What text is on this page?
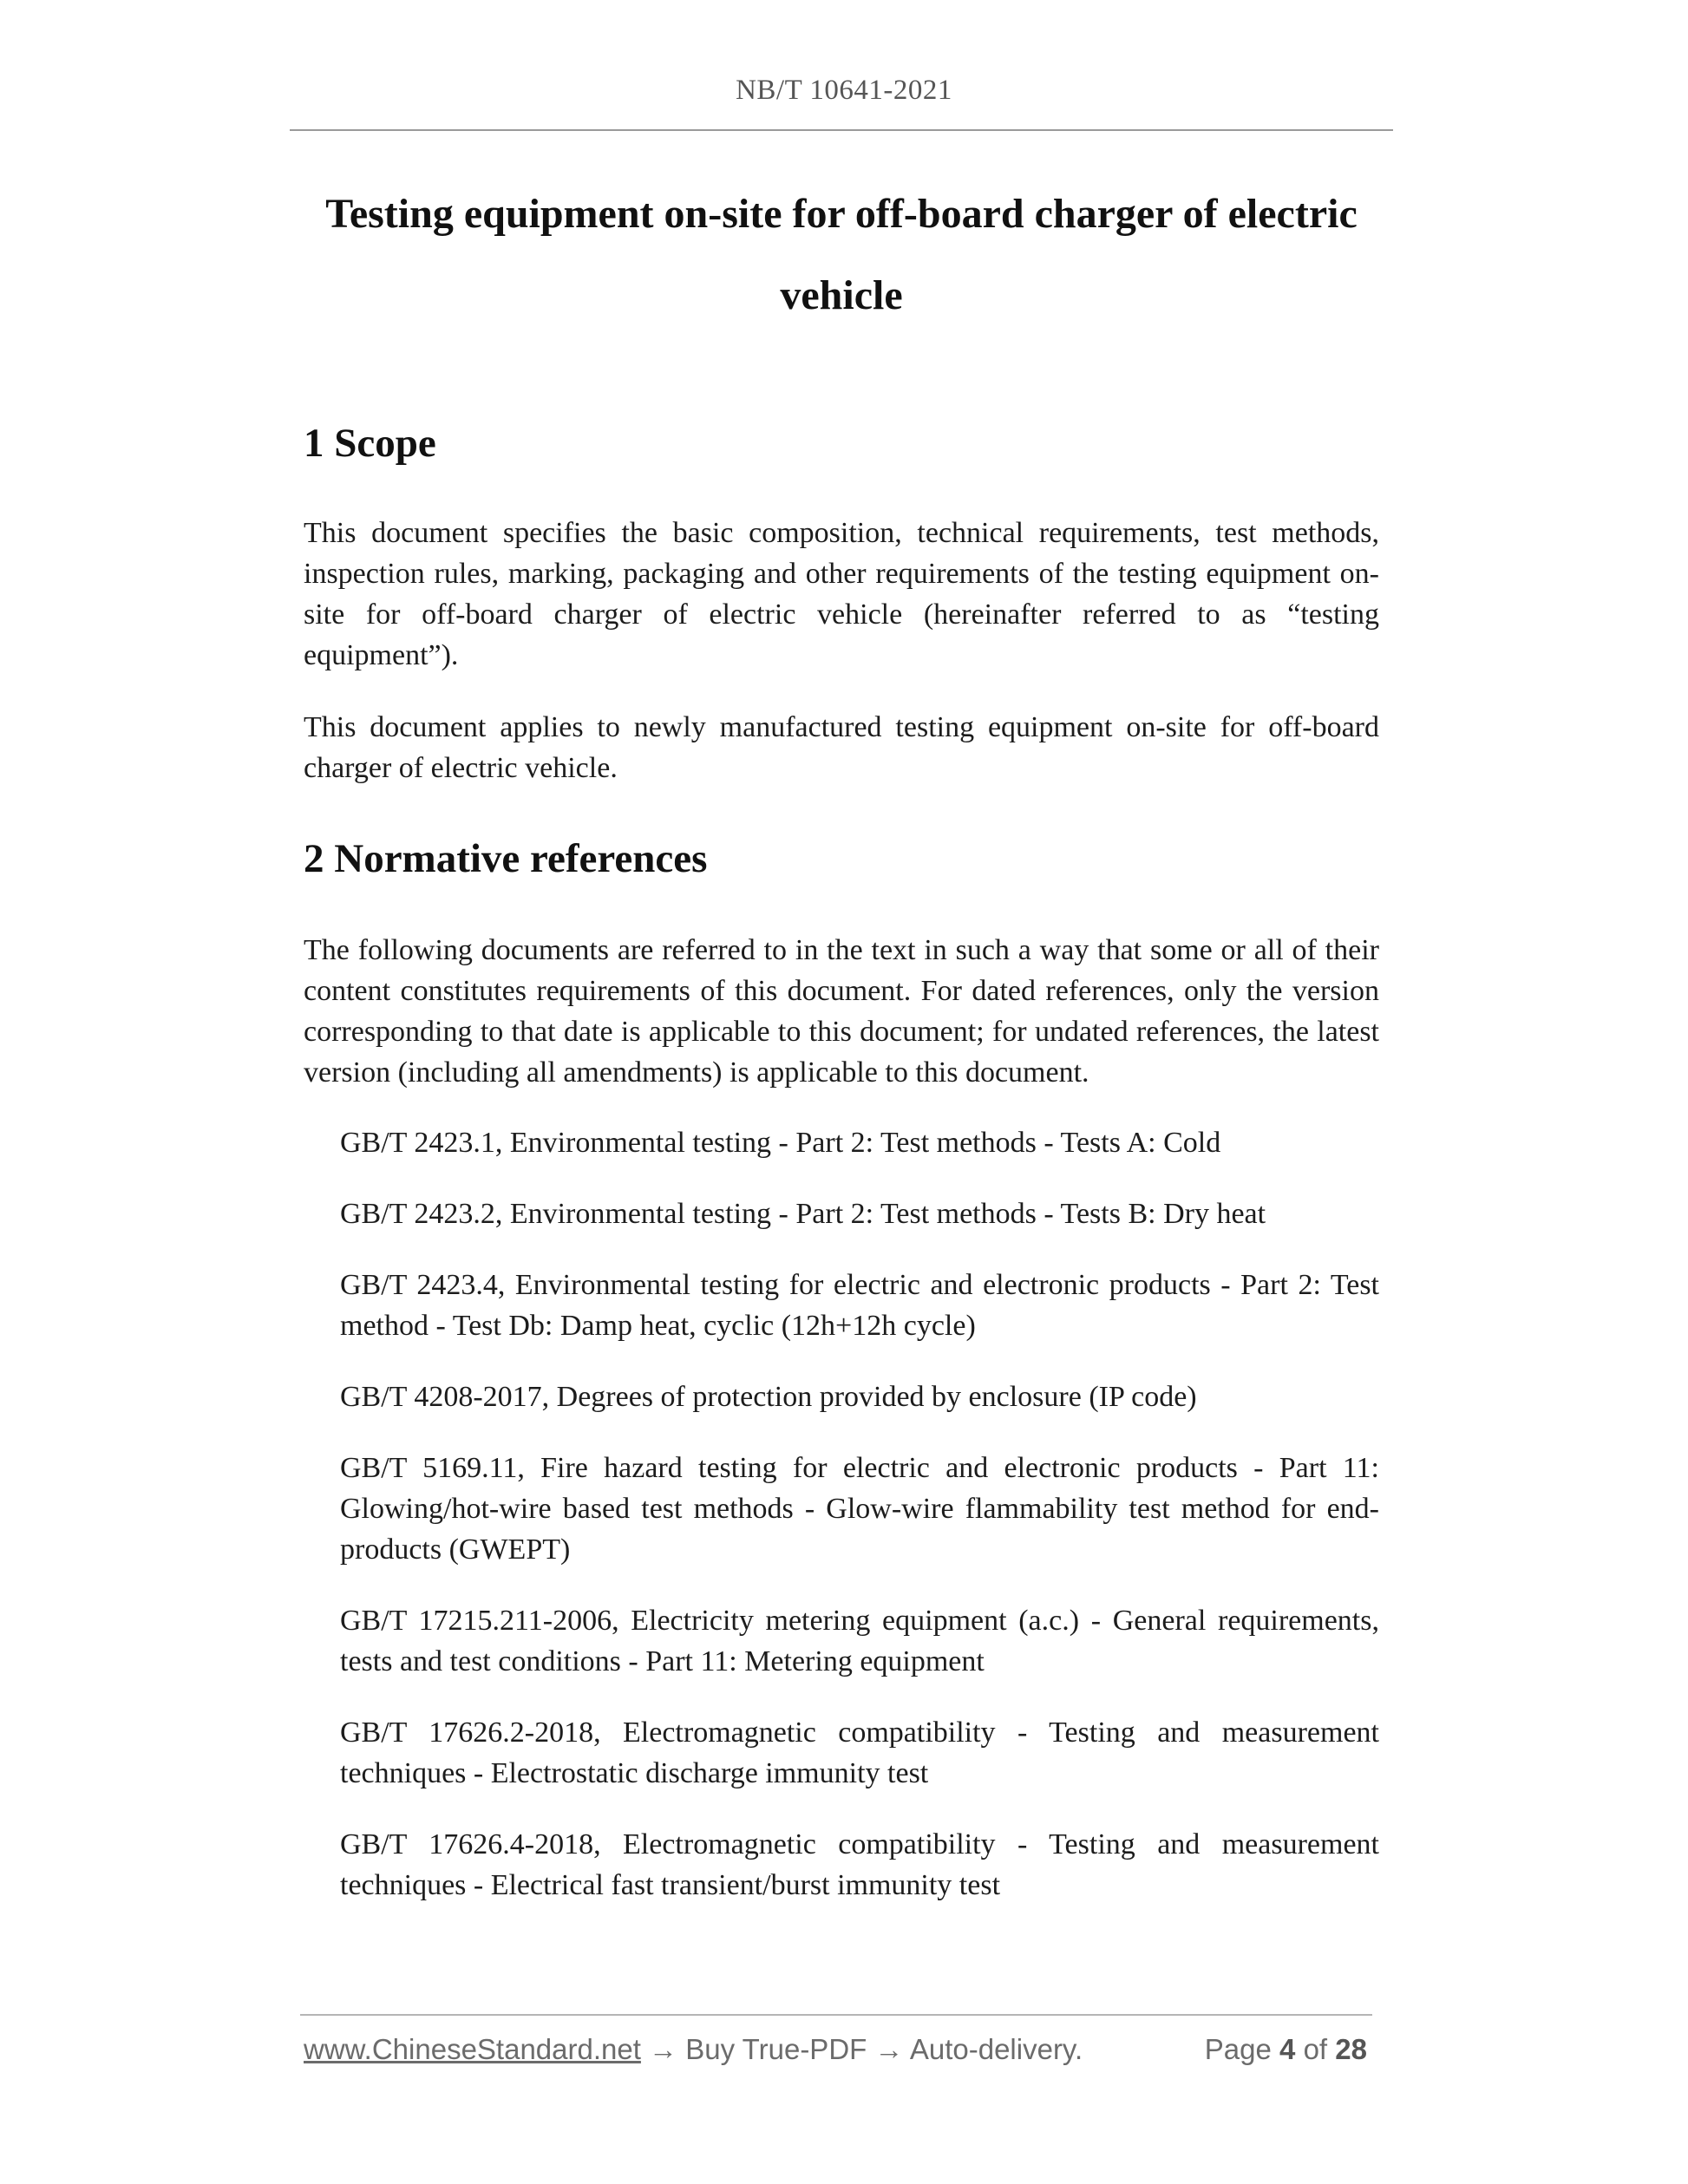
NB/T 10641-2021
Testing equipment on-site for off-board charger of electric
vehicle
1 Scope

This document specifies the basic composition, technical requirements, test methods, inspection rules, marking, packaging and other requirements of the testing equipment on-site for off-board charger of electric vehicle (hereinafter referred to as “testing equipment”).

This document applies to newly manufactured testing equipment on-site for off-board charger of electric vehicle.

2 Normative references

The following documents are referred to in the text in such a way that some or all of their content constitutes requirements of this document. For dated references, only the version corresponding to that date is applicable to this document; for undated references, the latest version (including all amendments) is applicable to this document.

GB/T 2423.1, Environmental testing - Part 2: Test methods - Tests A: Cold
GB/T 2423.2, Environmental testing - Part 2: Test methods - Tests B: Dry heat
GB/T 2423.4, Environmental testing for electric and electronic products - Part 2: Test method - Test Db: Damp heat, cyclic (12h+12h cycle)
GB/T 4208-2017, Degrees of protection provided by enclosure (IP code)
GB/T 5169.11, Fire hazard testing for electric and electronic products - Part 11: Glowing/hot-wire based test methods - Glow-wire flammability test method for end-products (GWEPT)
GB/T 17215.211-2006, Electricity metering equipment (a.c.) - General requirements, tests and test conditions - Part 11: Metering equipment
GB/T 17626.2-2018, Electromagnetic compatibility - Testing and measurement techniques - Electrostatic discharge immunity test
GB/T 17626.4-2018, Electromagnetic compatibility - Testing and measurement techniques - Electrical fast transient/burst immunity test
www.ChineseStandard.net → Buy True-PDF → Auto-delivery.	Page 4 of 28
